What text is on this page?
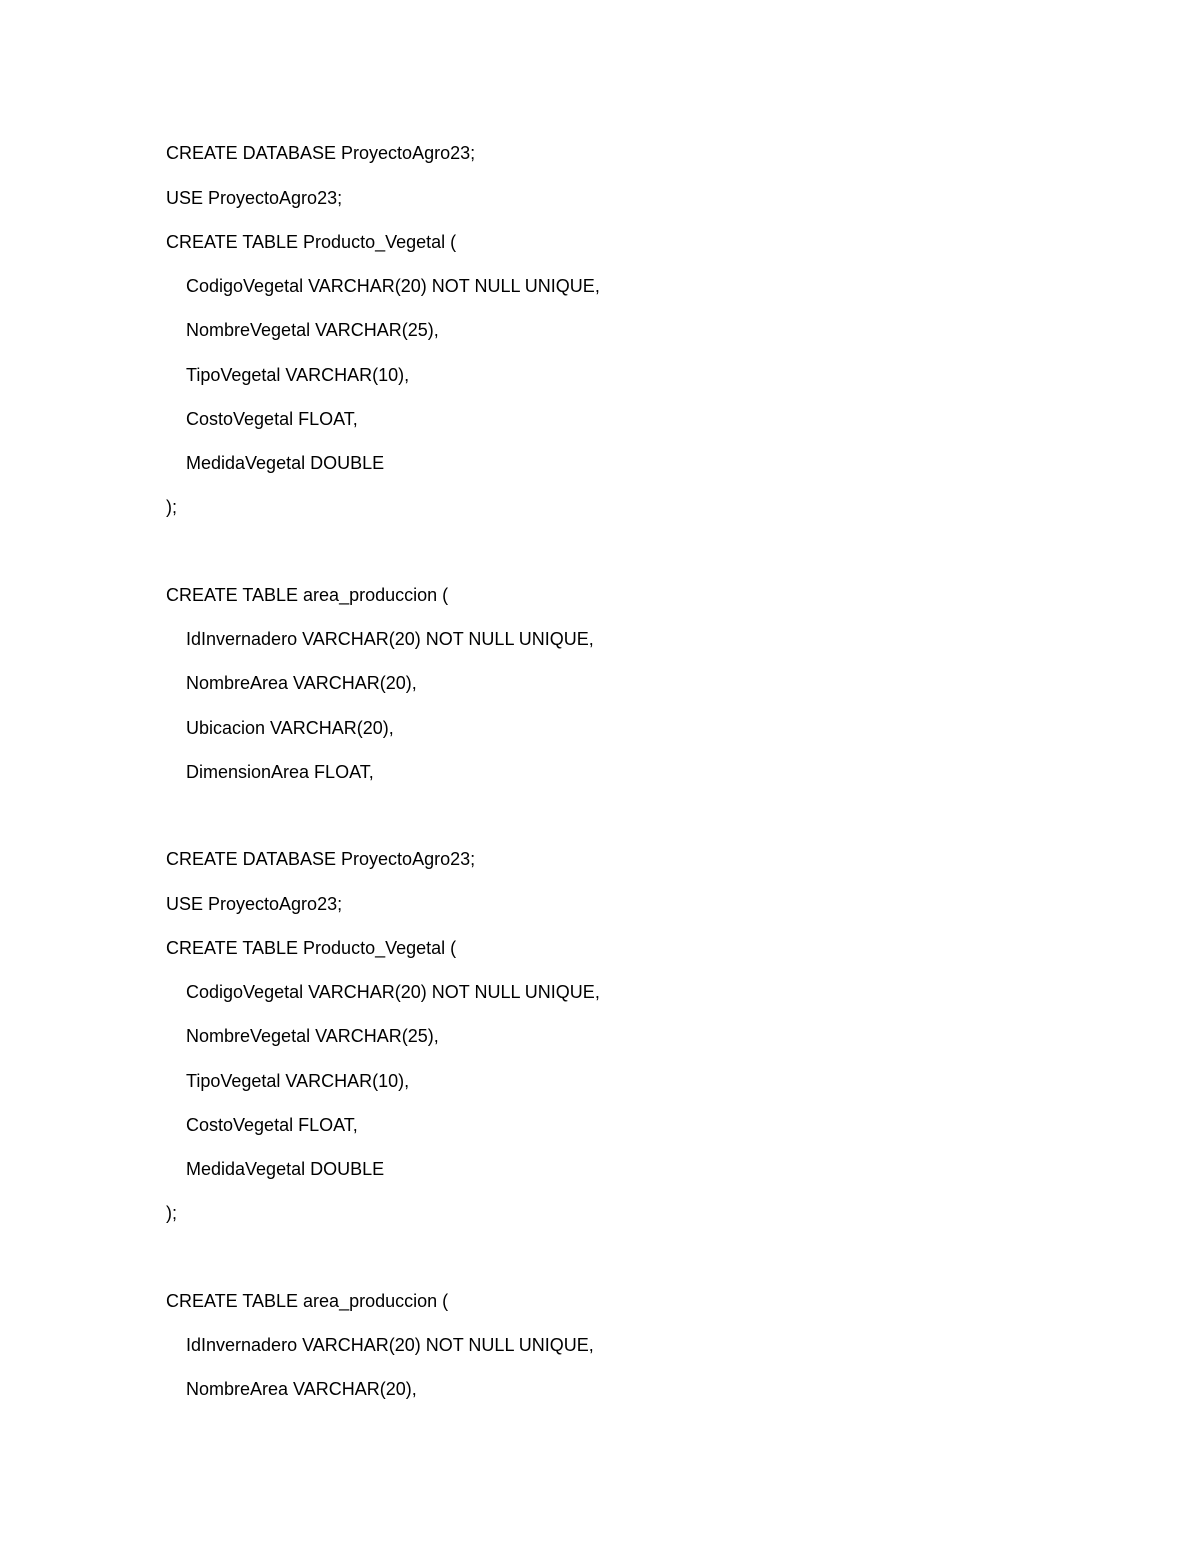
CREATE DATABASE ProyectoAgro23;
USE ProyectoAgro23;
CREATE TABLE Producto_Vegetal (
CodigoVegetal VARCHAR(20) NOT NULL UNIQUE,
NombreVegetal VARCHAR(25),
TipoVegetal VARCHAR(10),
CostoVegetal FLOAT,
MedidaVegetal DOUBLE
);
CREATE TABLE area_produccion (
IdInvernadero VARCHAR(20) NOT NULL UNIQUE,
NombreArea VARCHAR(20),
Ubicacion VARCHAR(20),
DimensionArea FLOAT,
CREATE DATABASE ProyectoAgro23;
USE ProyectoAgro23;
CREATE TABLE Producto_Vegetal (
CodigoVegetal VARCHAR(20) NOT NULL UNIQUE,
NombreVegetal VARCHAR(25),
TipoVegetal VARCHAR(10),
CostoVegetal FLOAT,
MedidaVegetal DOUBLE
);
CREATE TABLE area_produccion (
IdInvernadero VARCHAR(20) NOT NULL UNIQUE,
NombreArea VARCHAR(20),
